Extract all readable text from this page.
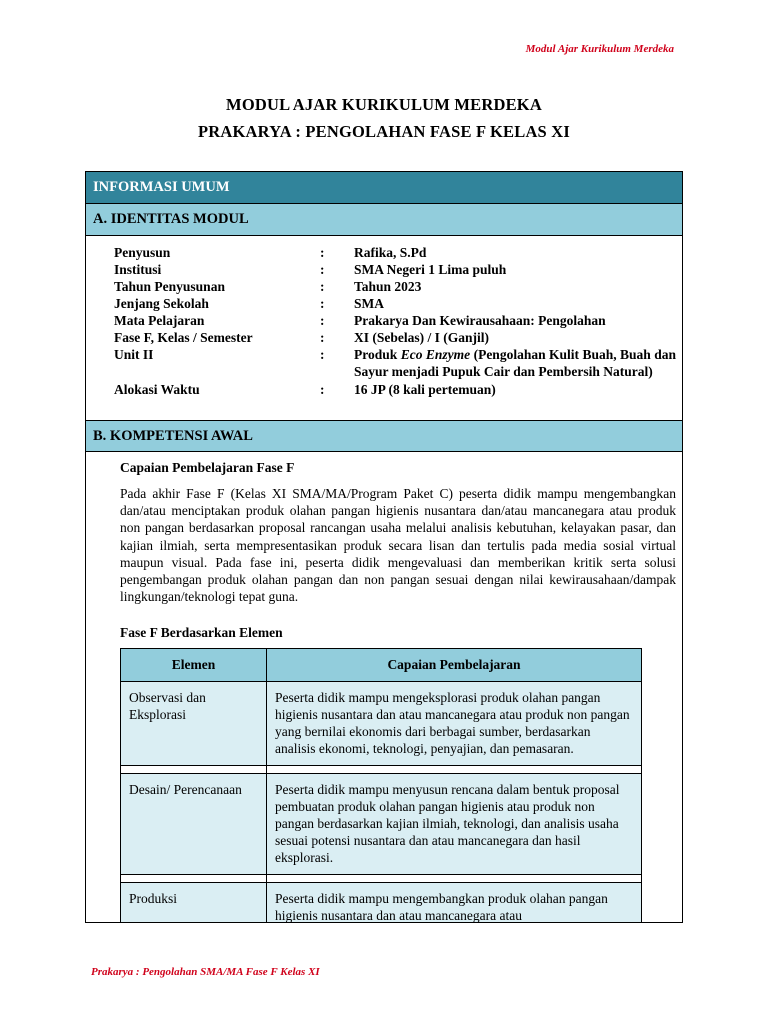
Modul Ajar Kurikulum Merdeka
MODUL AJAR KURIKULUM MERDEKA
PRAKARYA : PENGOLAHAN FASE F KELAS XI
INFORMASI UMUM
A. IDENTITAS MODUL
Penyusun	:	Rafika, S.Pd
Institusi	:	SMA Negeri 1 Lima puluh
Tahun Penyusunan	:	Tahun 2023
Jenjang Sekolah	:	SMA
Mata Pelajaran	:	Prakarya Dan Kewirausahaan: Pengolahan
Fase F, Kelas / Semester	:	XI (Sebelas) / I (Ganjil)
Unit II	:	Produk Eco Enzyme (Pengolahan Kulit Buah, Buah dan Sayur menjadi Pupuk Cair dan Pembersih Natural)
Alokasi Waktu	:	16 JP (8 kali pertemuan)
B. KOMPETENSI AWAL
Capaian Pembelajaran Fase F
Pada akhir Fase F (Kelas XI SMA/MA/Program Paket C) peserta didik mampu mengembangkan dan/atau menciptakan produk olahan pangan higienis nusantara dan/atau mancanegara atau produk non pangan berdasarkan proposal rancangan usaha melalui analisis kebutuhan, kelayakan pasar, dan kajian ilmiah, serta mempresentasikan produk secara lisan dan tertulis pada media sosial virtual maupun visual. Pada fase ini, peserta didik mengevaluasi dan memberikan kritik serta solusi pengembangan produk olahan pangan dan non pangan sesuai dengan nilai kewirausahaan/dampak lingkungan/teknologi tepat guna.
Fase F Berdasarkan Elemen
Elemen	Capaian Pembelajaran
Observasi dan Eksplorasi	Peserta didik mampu mengeksplorasi produk olahan pangan higienis nusantara dan atau mancanegara atau produk non pangan yang bernilai ekonomis dari berbagai sumber, berdasarkan analisis ekonomi, teknologi, penyajian, dan pemasaran.

Desain/ Perencanaan	Peserta didik mampu menyusun rencana dalam bentuk proposal pembuatan produk olahan pangan higienis atau produk non pangan berdasarkan kajian ilmiah, teknologi, dan analisis usaha sesuai potensi nusantara dan atau mancanegara dan hasil eksplorasi.

Produksi	Peserta didik mampu mengembangkan produk olahan pangan higienis nusantara dan atau mancanegara atau
Prakarya : Pengolahan SMA/MA Fase F Kelas XI
